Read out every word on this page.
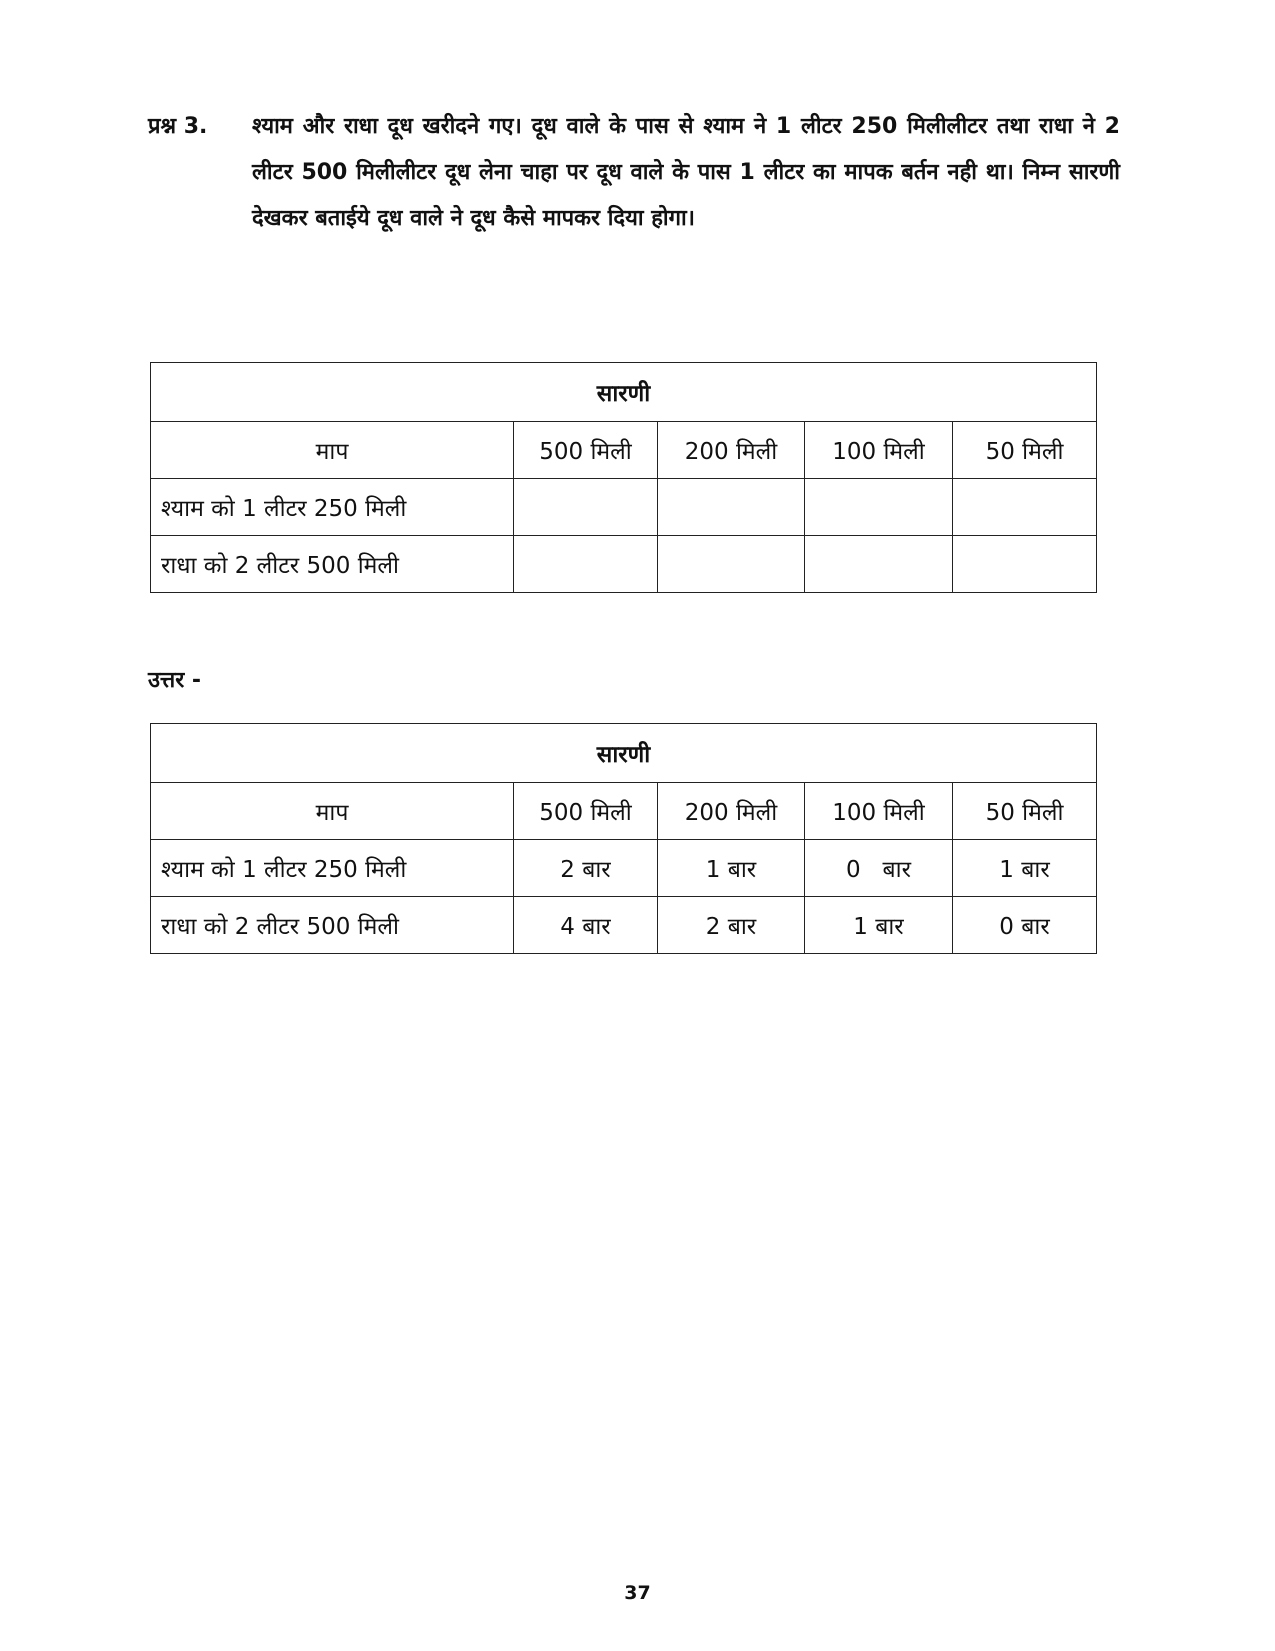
प्रश्न 3. श्याम और राधा दूध खरीदने गए। दूध वाले के पास से श्याम ने 1 लीटर 250 मिलीलीटर तथा राधा ने 2 लीटर 500 मिलीलीटर दूध लेना चाहा पर दूध वाले के पास 1 लीटर का मापक बर्तन नही था। निम्न सारणी देखकर बताईये दूध वाले ने दूध कैसे मापकर दिया होगा।
सारणी				
माप	500 मिली	200 मिली	100 मिली	50 मिली
श्याम को 1 लीटर 250 मिली				
राधा को 2 लीटर 500 मिली				
उत्तर -
सारणी				
माप	500 मिली	200 मिली	100 मिली	50 मिली
श्याम को 1 लीटर 250 मिली	2 बार	1 बार	0   बार	1 बार
राधा को 2 लीटर 500 मिली	4 बार	2 बार	1 बार	0 बार
37
